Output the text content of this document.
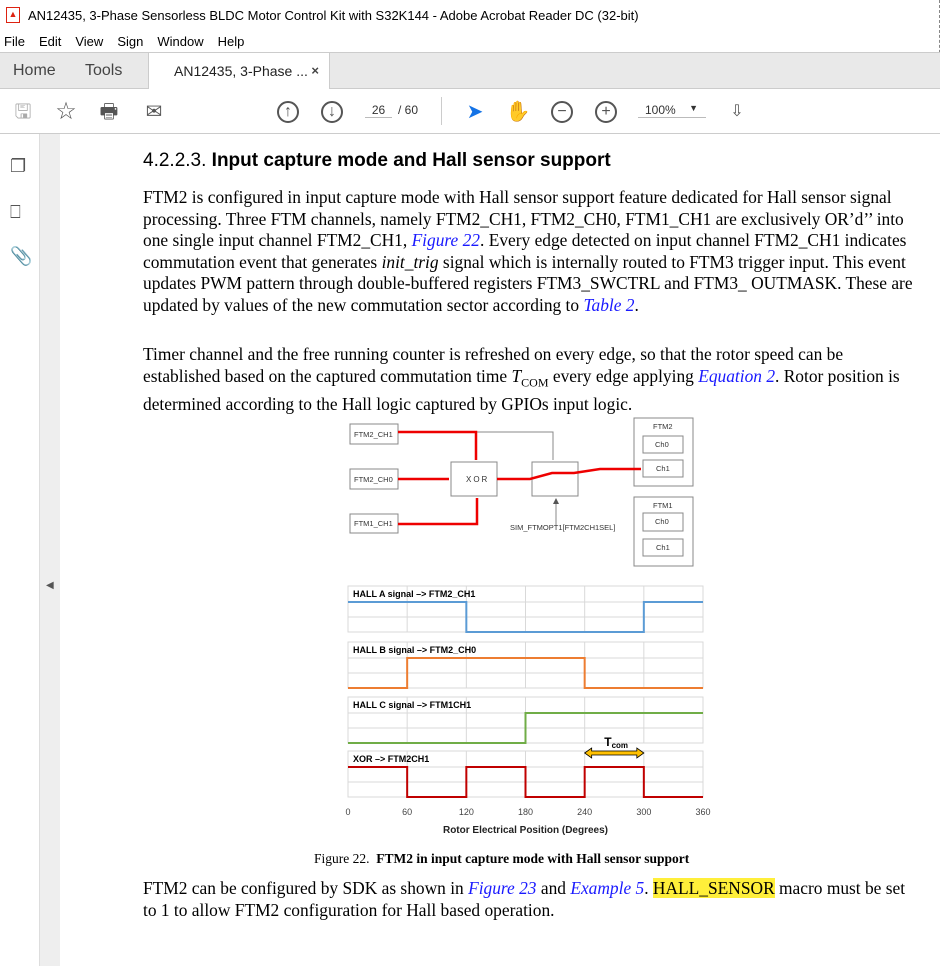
▲ AN12435, 3-Phase Sensorless BLDC Motor Control Kit with S32K144 - Adobe Acrobat Reader DC (32-bit)
File Edit View Sign Window Help
Home Tools	AN12435, 3-Phase ... ×
🖫 ☆ 🖶 ✉	↑	↓	26	/ 60 ➤ ✋	−	+	100% ▼	⇩
❐
⎕
📎
◀
4.2.2.3. Input capture mode and Hall sensor support
FTM2 is configured in input capture mode with Hall sensor support feature dedicated for Hall sensor signal processing. Three FTM channels, namely FTM2_CH1, FTM2_CH0, FTM1_CH1 are exclusively OR’d’’ into one single input channel FTM2_CH1, Figure 22. Every edge detected on input channel FTM2_CH1 indicates commutation event that generates init_trig signal which is internally routed to FTM3 trigger input. This event updates PWM pattern through double-buffered registers FTM3_SWCTRL and FTM3_ OUTMASK. These are updated by values of the new commutation sector according to Table 2.
Timer channel and the free running counter is refreshed on every edge, so that the rotor speed can be established based on the captured commutation time $T_{COM}$ every edge applying Equation 2. Rotor position is determined according to the Hall logic captured by GPIOs input logic.
FTM2_CH1
FTM2_CH0
FTM1_CH1
XOR
SIM_FTMOPT1[FTM2CH1SEL]
FTM2
Ch0
Ch1
FTM1
Ch0
Ch1
HALL A signal –> FTM2_CH1
HALL B signal –> FTM2_CH0
HALL C signal –> FTM1CH1
XOR –> FTM2CH1
0	60	120	180	240	300	360
Rotor Electrical Position (Degrees)
Tcom
Figure 22. FTM2 in input capture mode with Hall sensor support
FTM2 can be configured by SDK as shown in Figure 23 and Example 5. HALL_SENSOR macro must be set to 1 to allow FTM2 configuration for Hall based operation.
